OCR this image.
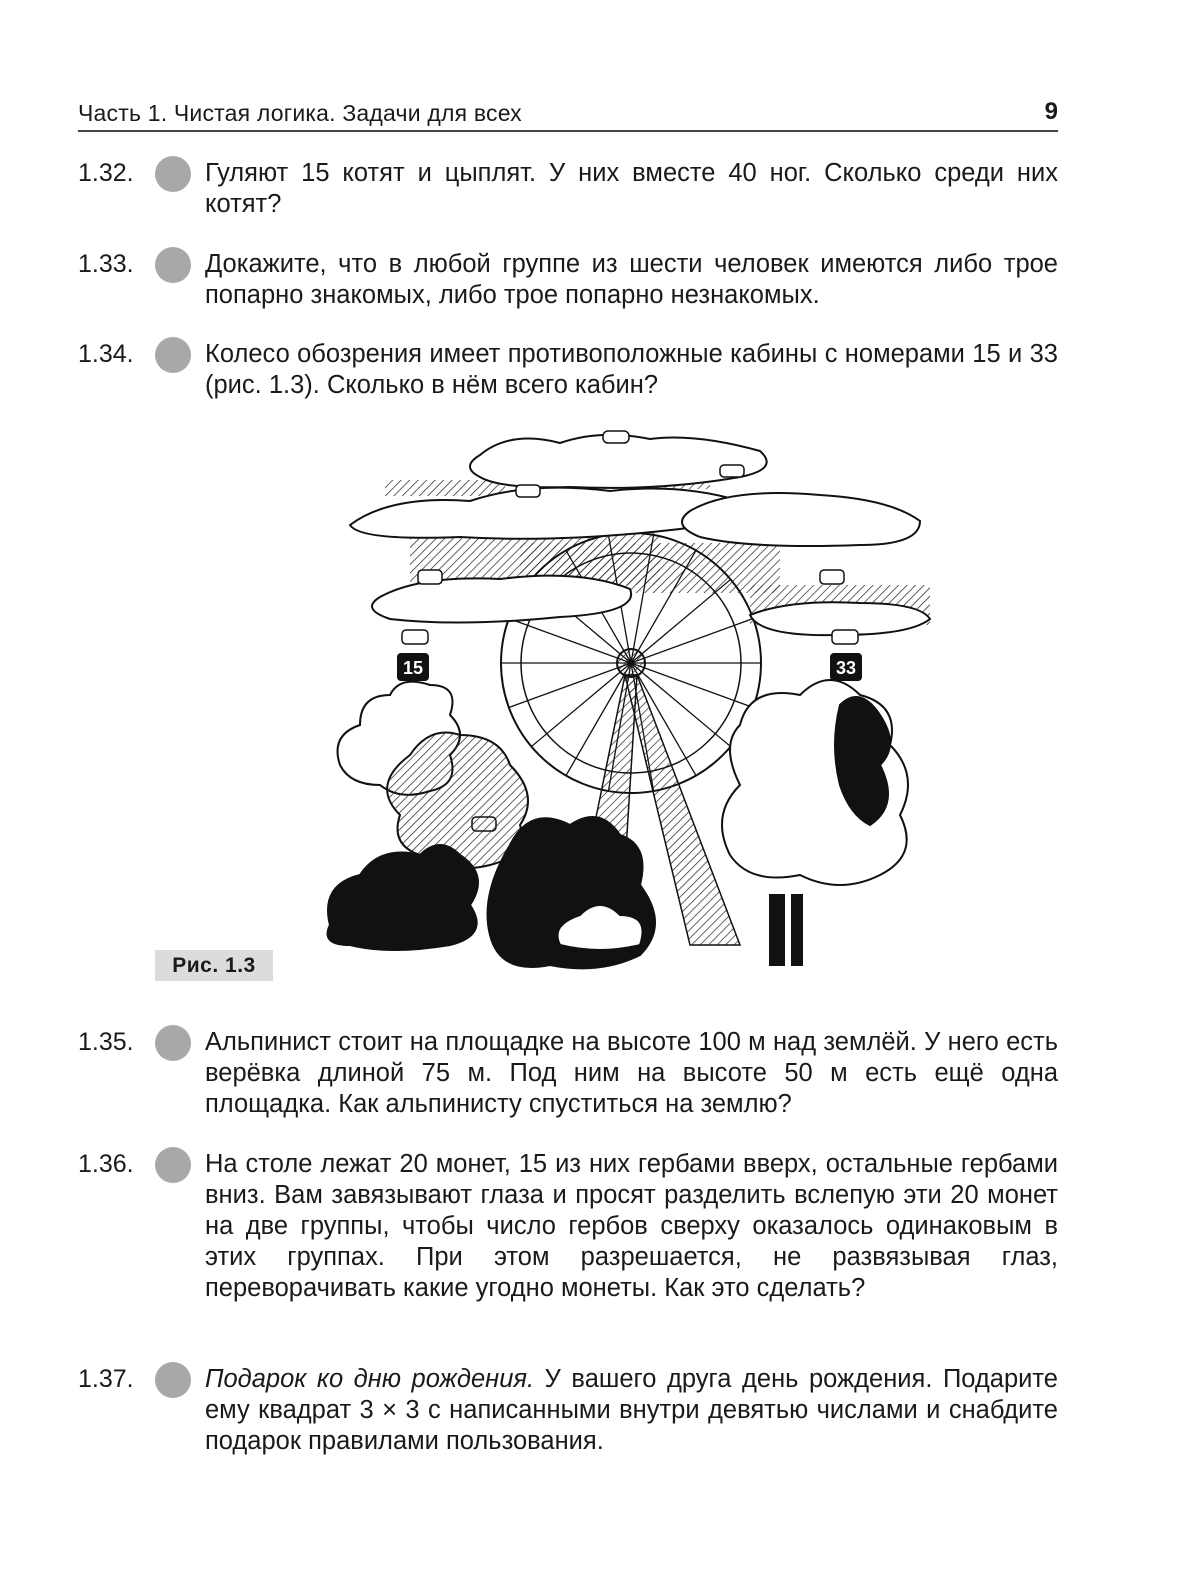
Часть 1. Чистая логика. Задачи для всех	9
1.32.	Гуляют 15 котят и цыплят. У них вместе 40 ног. Сколько среди них котят?

1.33.	Докажите, что в любой группе из шести человек имеются либо трое попарно знакомых, либо трое попарно незнакомых.

1.34.	Колесо обозрения имеет противоположные кабины с номерами 15 и 33 (рис. 1.3). Сколько в нём всего кабин?

15	33
Рис. 1.3
1.35.	Альпинист стоит на площадке на высоте 100 м над землёй. У него есть верёвка длиной 75 м. Под ним на высоте 50 м есть ещё одна площадка. Как альпинисту спуститься на землю?

1.36.	На столе лежат 20 монет, 15 из них гербами вверх, остальные гербами вниз. Вам завязывают глаза и просят разделить вслепую эти 20 монет на две группы, чтобы число гербов сверху оказалось одинаковым в этих группах. При этом разрешается, не развязывая глаз, переворачивать какие угодно монеты. Как это сделать?

1.37.	Подарок ко дню рождения. У вашего друга день рождения. Подарите ему квадрат 3 × 3 с написанными внутри девятью числами и снабдите подарок правилами пользования.
